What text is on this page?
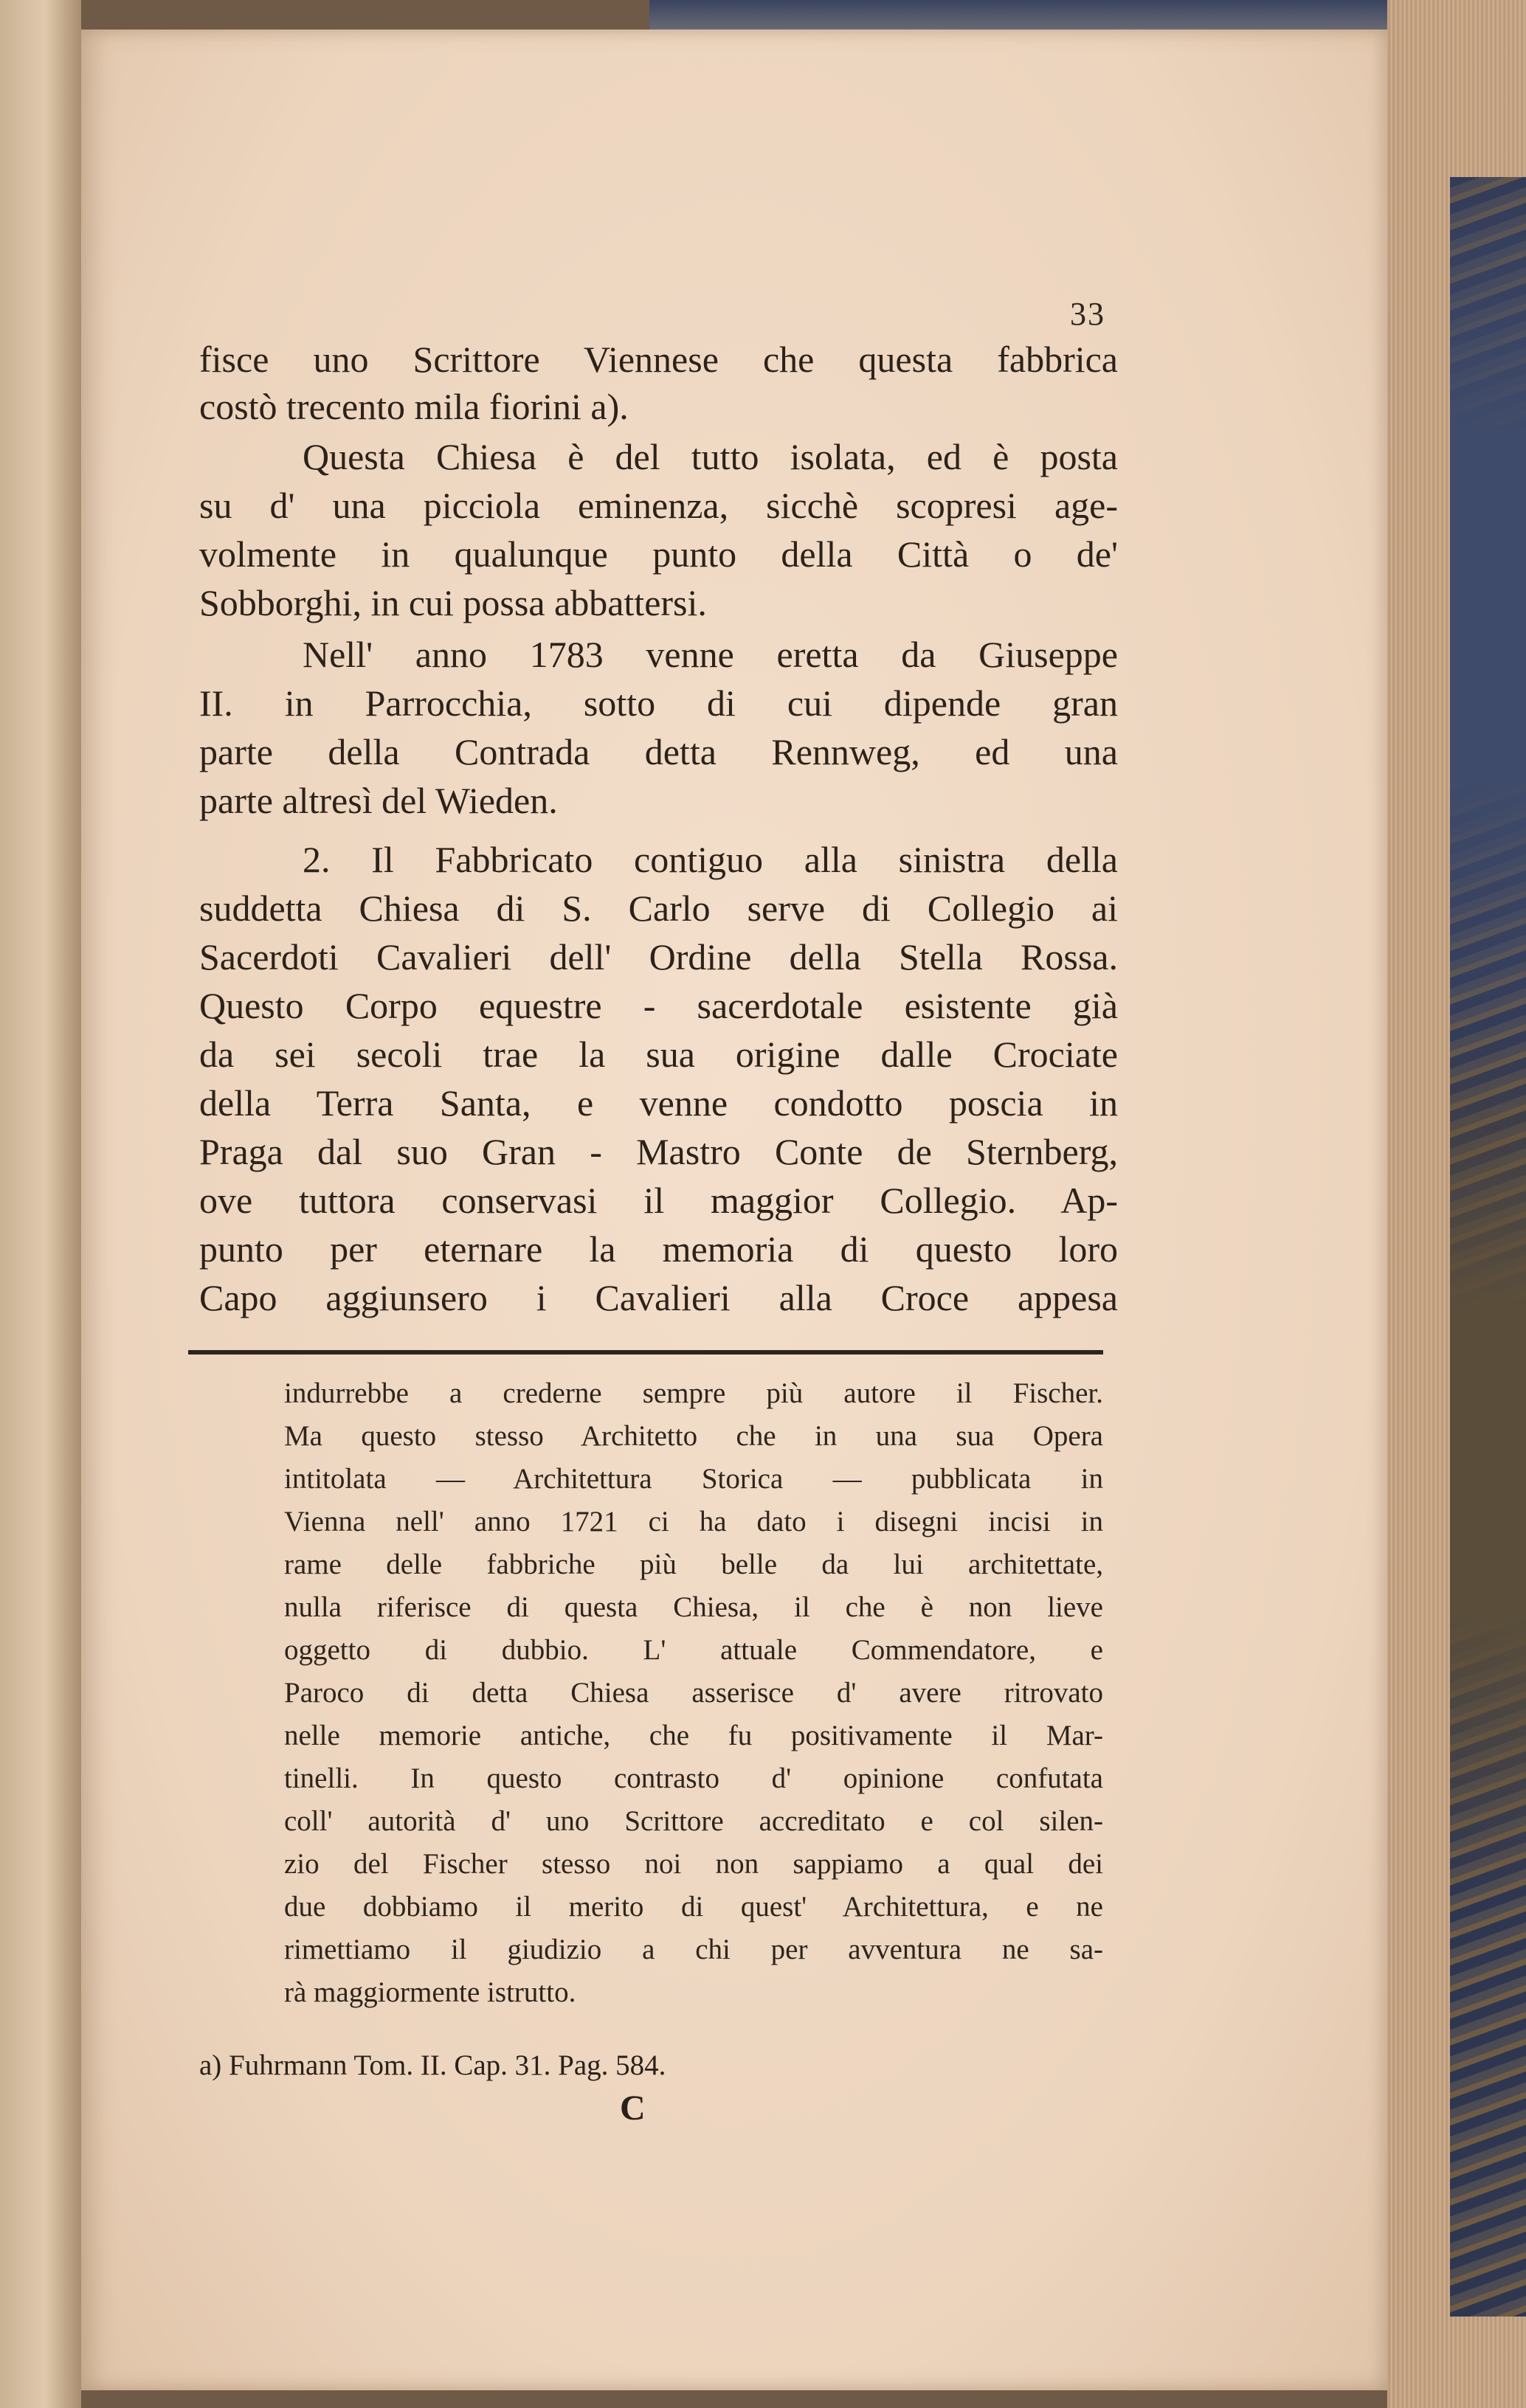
33
fisce uno Scrittore Viennese che questa fabbrica
costò trecento mila fiorini a).
Questa Chiesa è del tutto isolata, ed è posta
su d' una picciola eminenza, sicchè scopresi age-
volmente in qualunque punto della Città o de'
Sobborghi, in cui possa abbattersi.
Nell' anno 1783 venne eretta da Giuseppe
II. in Parrocchia, sotto di cui dipende gran
parte della Contrada detta Rennweg, ed una
parte altresì del Wieden.
2. Il Fabbricato contiguo alla sinistra della
suddetta Chiesa di S. Carlo serve di Collegio ai
Sacerdoti Cavalieri dell' Ordine della Stella Rossa.
Questo Corpo equestre - sacerdotale esistente già
da sei secoli trae la sua origine dalle Crociate
della Terra Santa, e venne condotto poscia in
Praga dal suo Gran - Mastro Conte de Sternberg,
ove tuttora conservasi il maggior Collegio. Ap-
punto per eternare la memoria di questo loro
Capo aggiunsero i Cavalieri alla Croce appesa
indurrebbe a crederne sempre più autore il Fischer.
Ma questo stesso Architetto che in una sua Opera
intitolata — Architettura Storica — pubblicata in
Vienna nell' anno 1721 ci ha dato i disegni incisi in
rame delle fabbriche più belle da lui architettate,
nulla riferisce di questa Chiesa, il che è non lieve
oggetto di dubbio. L' attuale Commendatore, e
Paroco di detta Chiesa asserisce d' avere ritrovato
nelle memorie antiche, che fu positivamente il Mar-
tinelli. In questo contrasto d' opinione confutata
coll' autorità d' uno Scrittore accreditato e col silen-
zio del Fischer stesso noi non sappiamo a qual dei
due dobbiamo il merito di quest' Architettura, e ne
rimettiamo il giudizio a chi per avventura ne sa-
rà maggiormente istrutto.
a) Fuhrmann Tom. II. Cap. 31. Pag. 584.
C
